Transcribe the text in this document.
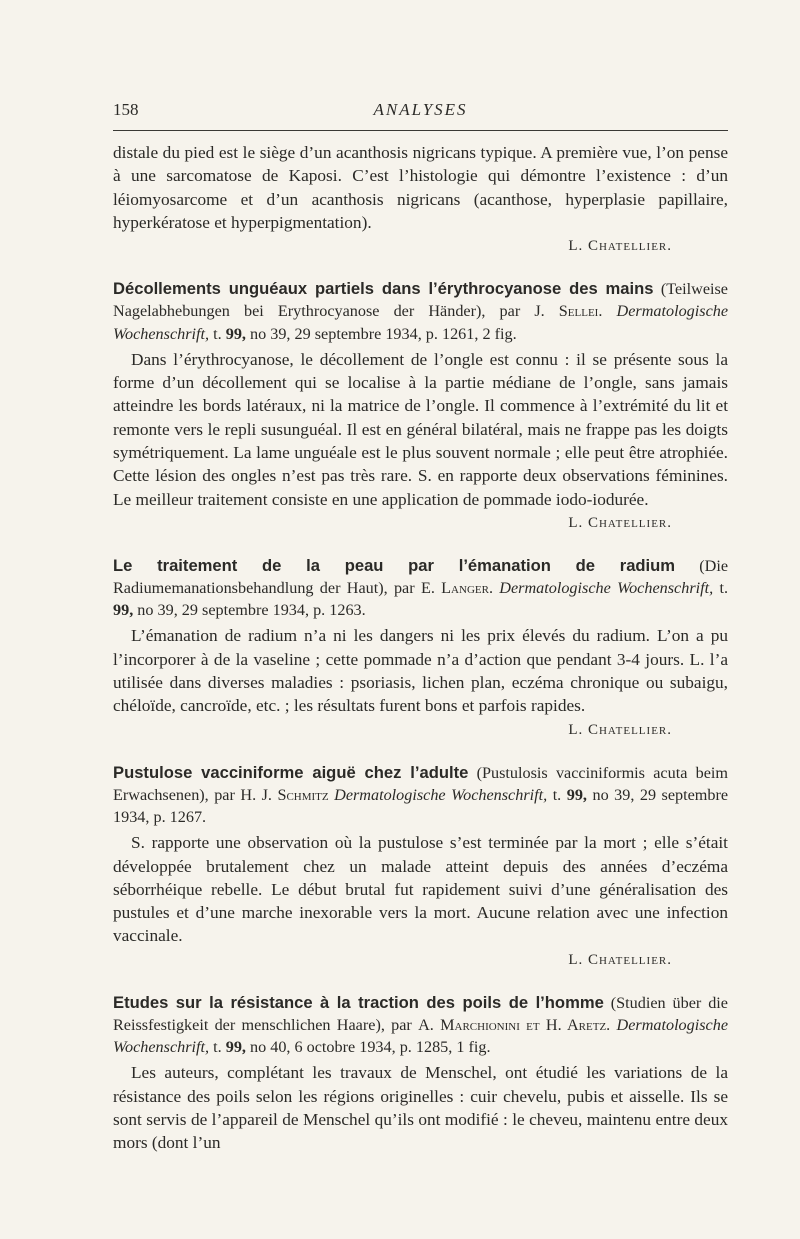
158	ANALYSES

distale du pied est le siège d’un acanthosis nigricans typique. A première vue, l’on pense à une sarcomatose de Kaposi. C’est l’histologie qui démontre l’existence : d’un léiomyosarcome et d’un acanthosis nigricans (acanthose, hyperplasie papillaire, hyperkératose et hyperpigmentation).

L. Chatellier.

Décollements unguéaux partiels dans l’érythrocyanose des mains (Teilweise Nagelabhebungen bei Erythrocyanose der Händer), par J. Sellei. Dermatologische Wochenschrift, t. 99, no 39, 29 septembre 1934, p. 1261, 2 fig.

Dans l’érythrocyanose, le décollement de l’ongle est connu : il se présente sous la forme d’un décollement qui se localise à la partie médiane de l’ongle, sans jamais atteindre les bords latéraux, ni la matrice de l’ongle. Il commence à l’extrémité du lit et remonte vers le repli susunguéal. Il est en général bilatéral, mais ne frappe pas les doigts symétriquement. La lame unguéale est le plus souvent normale ; elle peut être atrophiée. Cette lésion des ongles n’est pas très rare. S. en rapporte deux observations féminines. Le meilleur traitement consiste en une application de pommade iodo-iodurée.

L. Chatellier.

Le traitement de la peau par l’émanation de radium (Die Radiumemanationsbehandlung der Haut), par E. Langer. Dermatologische Wochenschrift, t. 99, no 39, 29 septembre 1934, p. 1263.

L’émanation de radium n’a ni les dangers ni les prix élevés du radium. L’on a pu l’incorporer à de la vaseline ; cette pommade n’a d’action que pendant 3-4 jours. L. l’a utilisée dans diverses maladies : psoriasis, lichen plan, eczéma chronique ou subaigu, chéloïde, cancroïde, etc. ; les résultats furent bons et parfois rapides.

L. Chatellier.

Pustulose vacciniforme aiguë chez l’adulte (Pustulosis vacciniformis acuta beim Erwachsenen), par H. J. Schmitz Dermatologische Wochenschrift, t. 99, no 39, 29 septembre 1934, p. 1267.

S. rapporte une observation où la pustulose s’est terminée par la mort ; elle s’était développée brutalement chez un malade atteint depuis des années d’eczéma séborrhéique rebelle. Le début brutal fut rapidement suivi d’une généralisation des pustules et d’une marche inexorable vers la mort. Aucune relation avec une infection vaccinale.

L. Chatellier.

Etudes sur la résistance à la traction des poils de l’homme (Studien über die Reissfestigkeit der menschlichen Haare), par A. Marchionini et H. Aretz. Dermatologische Wochenschrift, t. 99, no 40, 6 octobre 1934, p. 1285, 1 fig.

Les auteurs, complétant les travaux de Menschel, ont étudié les variations de la résistance des poils selon les régions originelles : cuir chevelu, pubis et aisselle. Ils se sont servis de l’appareil de Menschel qu’ils ont modifié : le cheveu, maintenu entre deux mors (dont l’un
